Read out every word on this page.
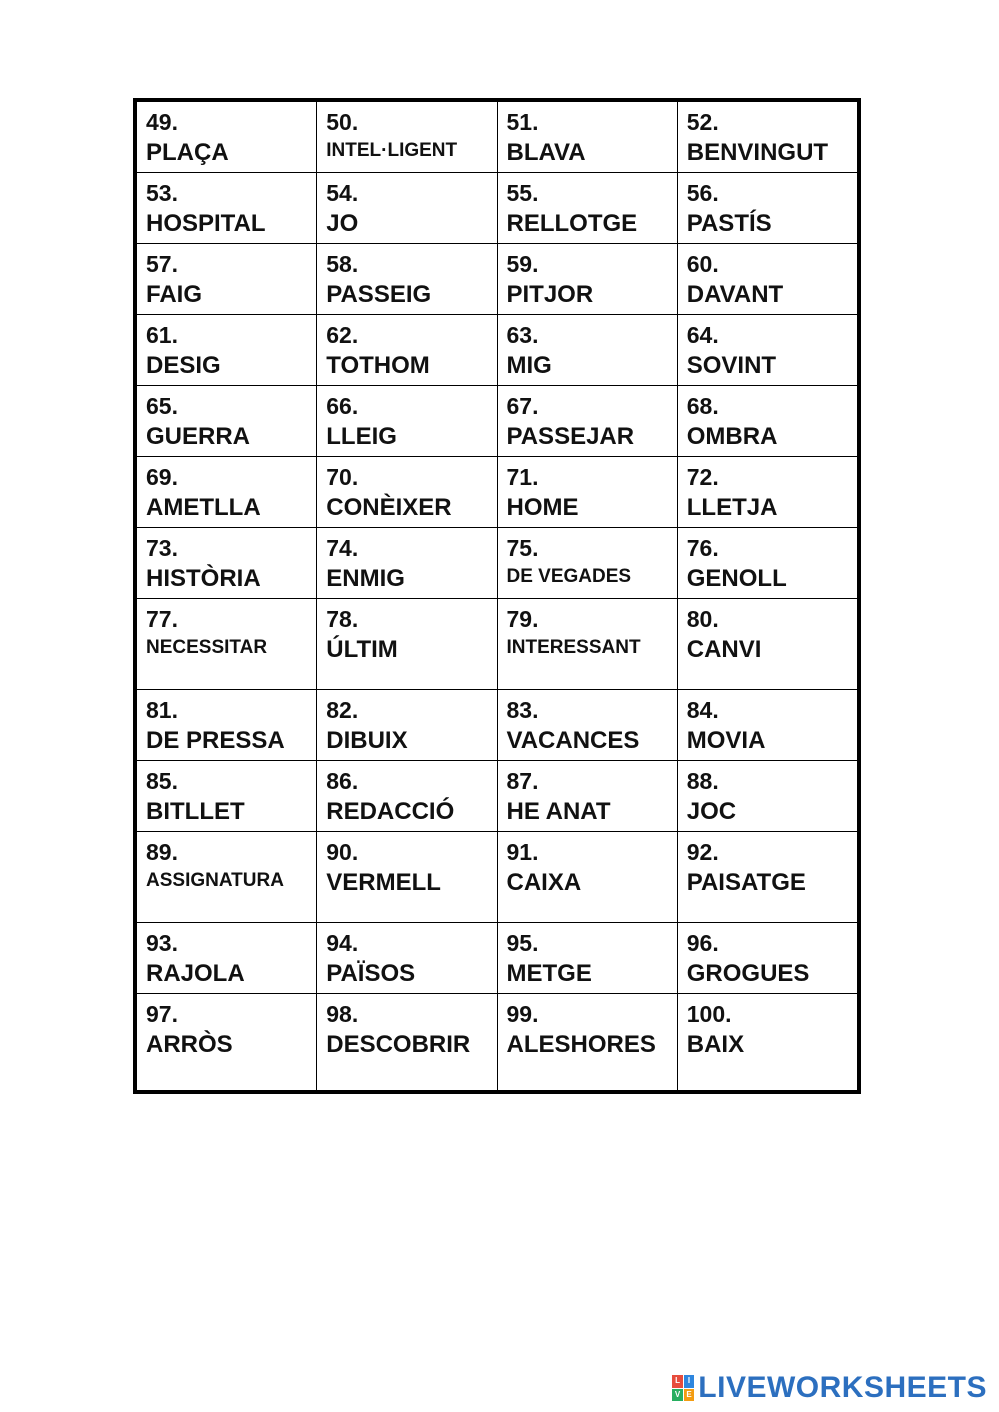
49.
PLAÇA	50.
INTEL·LIGENT	51.
BLAVA	52.
BENVINGUT

53.
HOSPITAL	54.
JO	55.
RELLOTGE	56.
PASTÍS

57.
FAIG	58.
PASSEIG	59.
PITJOR	60.
DAVANT

61.
DESIG	62.
TOTHOM	63.
MIG	64.
SOVINT

65.
GUERRA	66.
LLEIG	67.
PASSEJAR	68.
OMBRA

69.
AMETLLA	70.
CONÈIXER	71.
HOME	72.
LLETJA

73.
HISTÒRIA	74.
ENMIG	75.
DE VEGADES	76.
GENOLL

77.
NECESSITAR	78.
ÚLTIM	79.
INTERESSANT	80.
CANVI

81.
DE PRESSA	82.
DIBUIX	83.
VACANCES	84.
MOVIA

85.
BITLLET	86.
REDACCIÓ	87.
HE ANAT	88.
JOC

89.
ASSIGNATURA	90.
VERMELL	91.
CAIXA	92.
PAISATGE

93.
RAJOLA	94.
PAÏSOS	95.
METGE	96.
GROGUES

97.
ARRÒS	98.
DESCOBRIR	99.
ALESHORES	100.
BAIX
L I
V E LIVEWORKSHEETS
